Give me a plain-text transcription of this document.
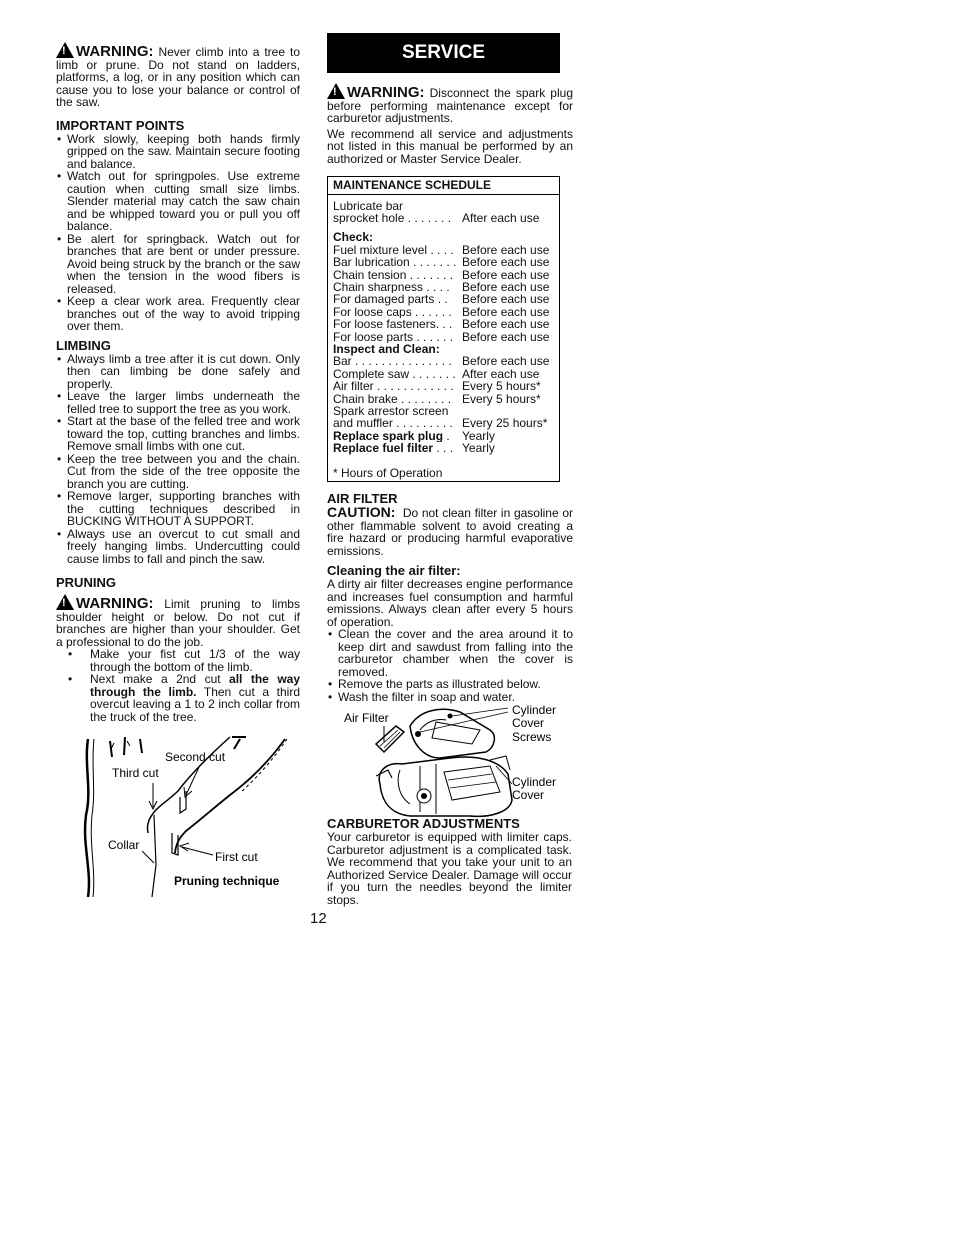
!WARNING: Never climb into a tree to limb or prune. Do not stand on ladders, platforms, a log, or in any position which can cause you to lose your balance or control of the saw.

IMPORTANT POINTS
• Work slowly, keeping both hands firmly gripped on the saw. Maintain secure footing and balance.
• Watch out for springpoles. Use extreme caution when cutting small size limbs. Slender material may catch the saw chain and be whipped toward you or pull you off balance.
• Be alert for springback. Watch out for branches that are bent or under pressure. Avoid being struck by the branch or the saw when the tension in the wood fibers is released.
• Keep a clear work area. Frequently clear branches out of the way to avoid tripping over them.
LIMBING
• Always limb a tree after it is cut down. Only then can limbing be done safely and properly.
• Leave the larger limbs underneath the felled tree to support the tree as you work.
• Start at the base of the felled tree and work toward the top, cutting branches and limbs. Remove small limbs with one cut.
• Keep the tree between you and the chain. Cut from the side of the tree opposite the branch you are cutting.
• Remove larger, supporting branches with the cutting techniques described in BUCKING WITHOUT A SUPPORT.
• Always use an overcut to cut small and freely hanging limbs. Undercutting could cause limbs to fall and pinch the saw.
PRUNING

!WARNING: Limit pruning to limbs shoulder height or below. Do not cut if branches are higher than your shoulder. Get a professional to do the job.

• Make your fist cut 1/3 of the way through the bottom of the limb.
• Next make a 2nd cut all the way through the limb. Then cut a third overcut leaving a 1 to 2 inch collar from the truck of the tree.
Second cut
Third cut
Collar
First cut
Pruning technique
SERVICE

!WARNING: Disconnect the spark plug before performing maintenance except for carburetor adjustments.

We recommend all service and adjustments not listed in this manual be performed by an authorized or Master Service Dealer.

MAINTENANCE SCHEDULE
Lubricate bar
sprocket hole . . . . . . . After each use
Check:
Fuel mixture level . . . . Before each use
Bar lubrication . . . . . . . Before each use
Chain tension . . . . . . . Before each use
Chain sharpness . . . .	Before each use
For damaged parts . .	Before each use
For loose caps . . . . . . Before each use
For loose fasteners. . . Before each use
For loose parts . . . . . . Before each use
Inspect and Clean:
Bar . . . . . . . . . . . . . . . Before each use
Complete saw . . . . . . . After each use
Air filter . . . . . . . . . . . . Every 5 hours*
Chain brake . . . . . . . . Every 5 hours*
Spark arrestor screen
and muffler . . . . . . . . . Every 25 hours*
Replace spark plug .	Yearly
Replace fuel filter . . . Yearly
* Hours of Operation
AIR FILTER

CAUTION: Do not clean filter in gasoline or other flammable solvent to avoid creating a fire hazard or producing harmful evaporative emissions.

Cleaning the air filter:

A dirty air filter decreases engine performance and increases fuel consumption and harmful emissions. Always clean after every 5 hours of operation.

• Clean the cover and the area around it to keep dirt and sawdust from falling into the carburetor chamber when the cover is removed.
• Remove the parts as illustrated below.
• Wash the filter in soap and water.
Air Filter
Cylinder
Cover
Screws
Cylinder
Cover
CARBURETOR ADJUSTMENTS

Your carburetor is equipped with limiter caps. Carburetor adjustment is a complicated task. We recommend that you take your unit to an Authorized Service Dealer. Damage will occur if you turn the needles beyond the limiter stops.

12
